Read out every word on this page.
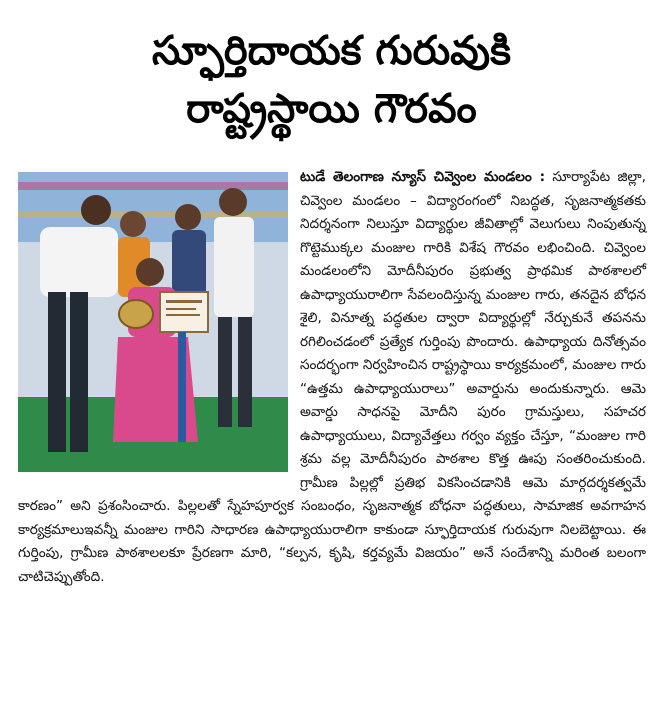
స్ఫూర్తిదాయక గురువుకి
రాష్ట్రస్థాయి గౌరవం

టుడే తెలంగాణ న్యూస్ చివ్వెంల మండలం : సూర్యాపేట జిల్లా, చివ్వెంల మండలం – విద్యారంగంలో నిబద్ధత, సృజనాత్మకతకు నిదర్శనంగా నిలుస్తూ విద్యార్థుల జీవితాల్లో వెలుగులు నింపుతున్న గొట్టెముక్కల మంజుల గారికి విశేష గౌరవం లభించింది. చివ్వెంల మండలంలోని మోదీనీపురం ప్రభుత్వ ప్రాథమిక పాఠశాలలో ఉపాధ్యాయురాలిగా సేవలందిస్తున్న మంజుల గారు, తనదైన బోధన శైలి, వినూత్న పద్ధతుల ద్వారా విద్యార్థుల్లో నేర్చుకునే తపనను రగిలించడంలో ప్రత్యేక గుర్తింపు పొందారు. ఉపాధ్యాయ దినోత్సవం సందర్భంగా నిర్వహించిన రాష్ట్రస్థాయి కార్యక్రమంలో, మంజుల గారు “ఉత్తమ ఉపాధ్యాయురాలు” అవార్డును అందుకున్నారు. ఆమె అవార్డు సాధనపై మోదీని పురం గ్రామస్తులు, సహచర ఉపాధ్యాయులు, విద్యావేత్తలు గర్వం వ్యక్తం చేస్తూ, “మంజుల గారి శ్రమ వల్ల మోదీనీపురం పాఠశాల కొత్త ఊపు సంతరించుకుంది. గ్రామీణ పిల్లల్లో ప్రతిభ వికసించడానికి ఆమె మార్గదర్శకత్వమే కారణం” అని ప్రశంసించారు. పిల్లలతో స్నేహపూర్వక సంబంధం, సృజనాత్మక బోధనా పద్ధతులు, సామాజిక అవగాహన కార్యక్రమాలుఇవన్నీ మంజుల గారిని సాధారణ ఉపాధ్యాయురాలిగా కాకుండా స్ఫూర్తిదాయక గురువుగా నిలబెట్టాయి. ఈ గుర్తింపు, గ్రామీణ పాఠశాలలకూ ప్రేరణగా మారి, “కల్పన, కృషి, కర్తవ్యమే విజయం” అనే సందేశాన్ని మరింత బలంగా చాటిచెప్పుతోంది.
